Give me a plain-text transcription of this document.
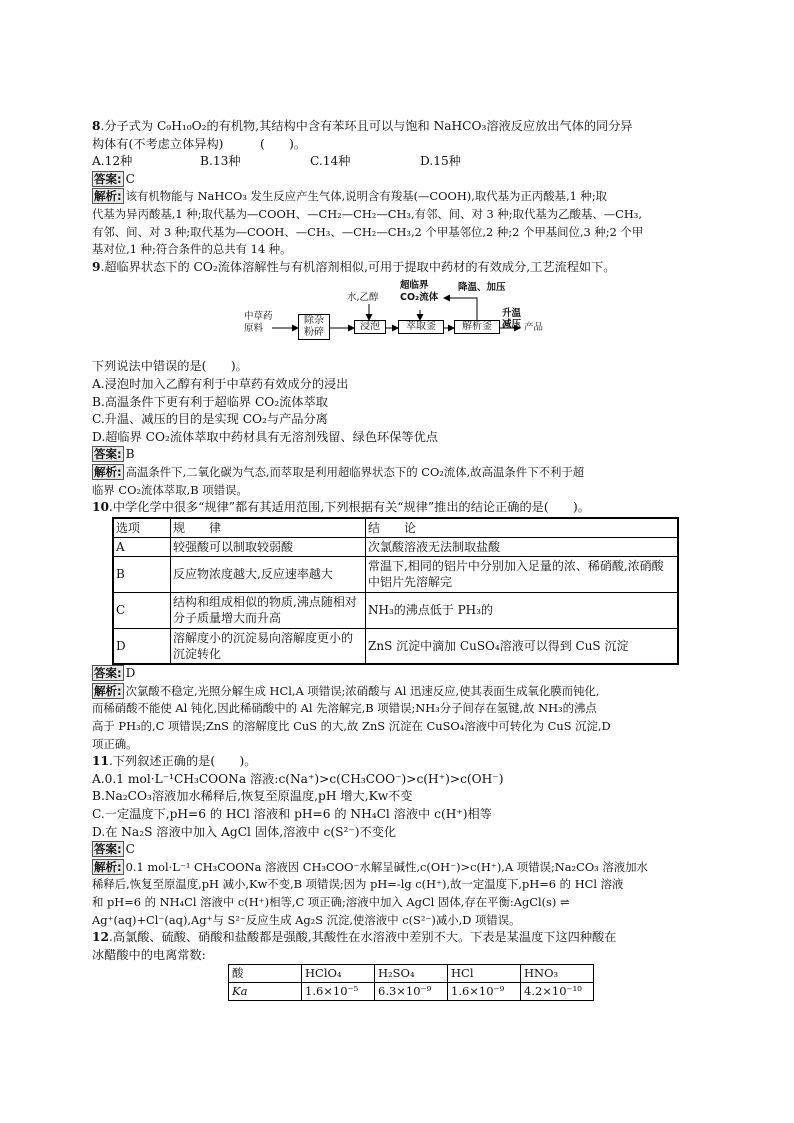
8.分子式为 C₉H₁₀O₂的有机物,其结构中含有苯环且可以与饱和 NaHCO₃溶液反应放出气体的同分异
构体有(不考虑立体异构)　　　(　　)。
A.12种	B.13种	C.14种	D.15种
答案: C
解析: 该有机物能与 NaHCO₃ 发生反应产生气体,说明含有羧基(—COOH),取代基为正丙酸基,1 种;取
代基为异丙酸基,1 种;取代基为—COOH、—CH₂—CH₂—CH₃,有邻、间、对 3 种;取代基为乙酸基、—CH₃,
有邻、间、对 3 种;取代基为—COOH、—CH₃、—CH₂—CH₃,2 个甲基邻位,2 种;2 个甲基间位,3 种;2 个甲
基对位,1 种;符合条件的总共有 14 种。
9.超临界状态下的 CO₂流体溶解性与有机溶剂相似,可用于提取中药材的有效成分,工艺流程如下。
中草药
原料
除杂
粉碎
浸泡	萃取釜	解析釜
水,乙醇
超临界
CO₂流体
降温、加压
升温
减压 产品
下列说法中错误的是(　　)。
A.浸泡时加入乙醇有利于中草药有效成分的浸出
B.高温条件下更有利于超临界 CO₂流体萃取
C.升温、减压的目的是实现 CO₂与产品分离
D.超临界 CO₂流体萃取中药材具有无溶剂残留、绿色环保等优点
答案: B
解析: 高温条件下,二氧化碳为气态,而萃取是利用超临界状态下的 CO₂流体,故高温条件下不利于超
临界 CO₂流体萃取,B 项错误。
10.中学化学中很多“规律”都有其适用范围,下列根据有关“规律”推出的结论正确的是(　　)。
选项	规　　律	结　　论
A	较强酸可以制取较弱酸	次氯酸溶液无法制取盐酸
B	反应物浓度越大,反应速率越大	常温下,相同的铝片中分别加入足量的浓、稀硝酸,浓硝酸中铝片先溶解完
C	结构和组成相似的物质,沸点随相对分子质量增大而升高	NH₃的沸点低于 PH₃的
D	溶解度小的沉淀易向溶解度更小的沉淀转化	ZnS 沉淀中滴加 CuSO₄溶液可以得到 CuS 沉淀
答案: D
解析: 次氯酸不稳定,光照分解生成 HCl,A 项错误;浓硝酸与 Al 迅速反应,使其表面生成氧化膜而钝化,
而稀硝酸不能使 Al 钝化,因此稀硝酸中的 Al 先溶解完,B 项错误;NH₃分子间存在氢键,故 NH₃的沸点
高于 PH₃的,C 项错误;ZnS 的溶解度比 CuS 的大,故 ZnS 沉淀在 CuSO₄溶液中可转化为 CuS 沉淀,D
项正确。
11.下列叙述正确的是(　　)。
A.0.1 mol·L⁻¹CH₃COONa 溶液:c(Na⁺)>c(CH₃COO⁻)>c(H⁺)>c(OH⁻)
B.Na₂CO₃溶液加水稀释后,恢复至原温度,pH 增大,Kw不变
C.一定温度下,pH=6 的 HCl 溶液和 pH=6 的 NH₄Cl 溶液中 c(H⁺)相等
D.在 Na₂S 溶液中加入 AgCl 固体,溶液中 c(S²⁻)不变化
答案: C
解析: 0.1 mol·L⁻¹ CH₃COONa 溶液因 CH₃COO⁻水解呈碱性,c(OH⁻)>c(H⁺),A 项错误;Na₂CO₃ 溶液加水
稀释后,恢复至原温度,pH 减小,Kw不变,B 项错误;因为 pH=-lg c(H⁺),故一定温度下,pH=6 的 HCl 溶液
和 pH=6 的 NH₄Cl 溶液中 c(H⁺)相等,C 项正确;溶液中加入 AgCl 固体,存在平衡:AgCl(s) ⇌
Ag⁺(aq)+Cl⁻(aq),Ag⁺与 S²⁻反应生成 Ag₂S 沉淀,使溶液中 c(S²⁻)减小,D 项错误。
12.高氯酸、硫酸、硝酸和盐酸都是强酸,其酸性在水溶液中差别不大。下表是某温度下这四种酸在
冰醋酸中的电离常数:
酸	HClO₄	H₂SO₄	HCl	HNO₃
Ka	1.6×10⁻⁵	6.3×10⁻⁹	1.6×10⁻⁹	4.2×10⁻¹⁰
